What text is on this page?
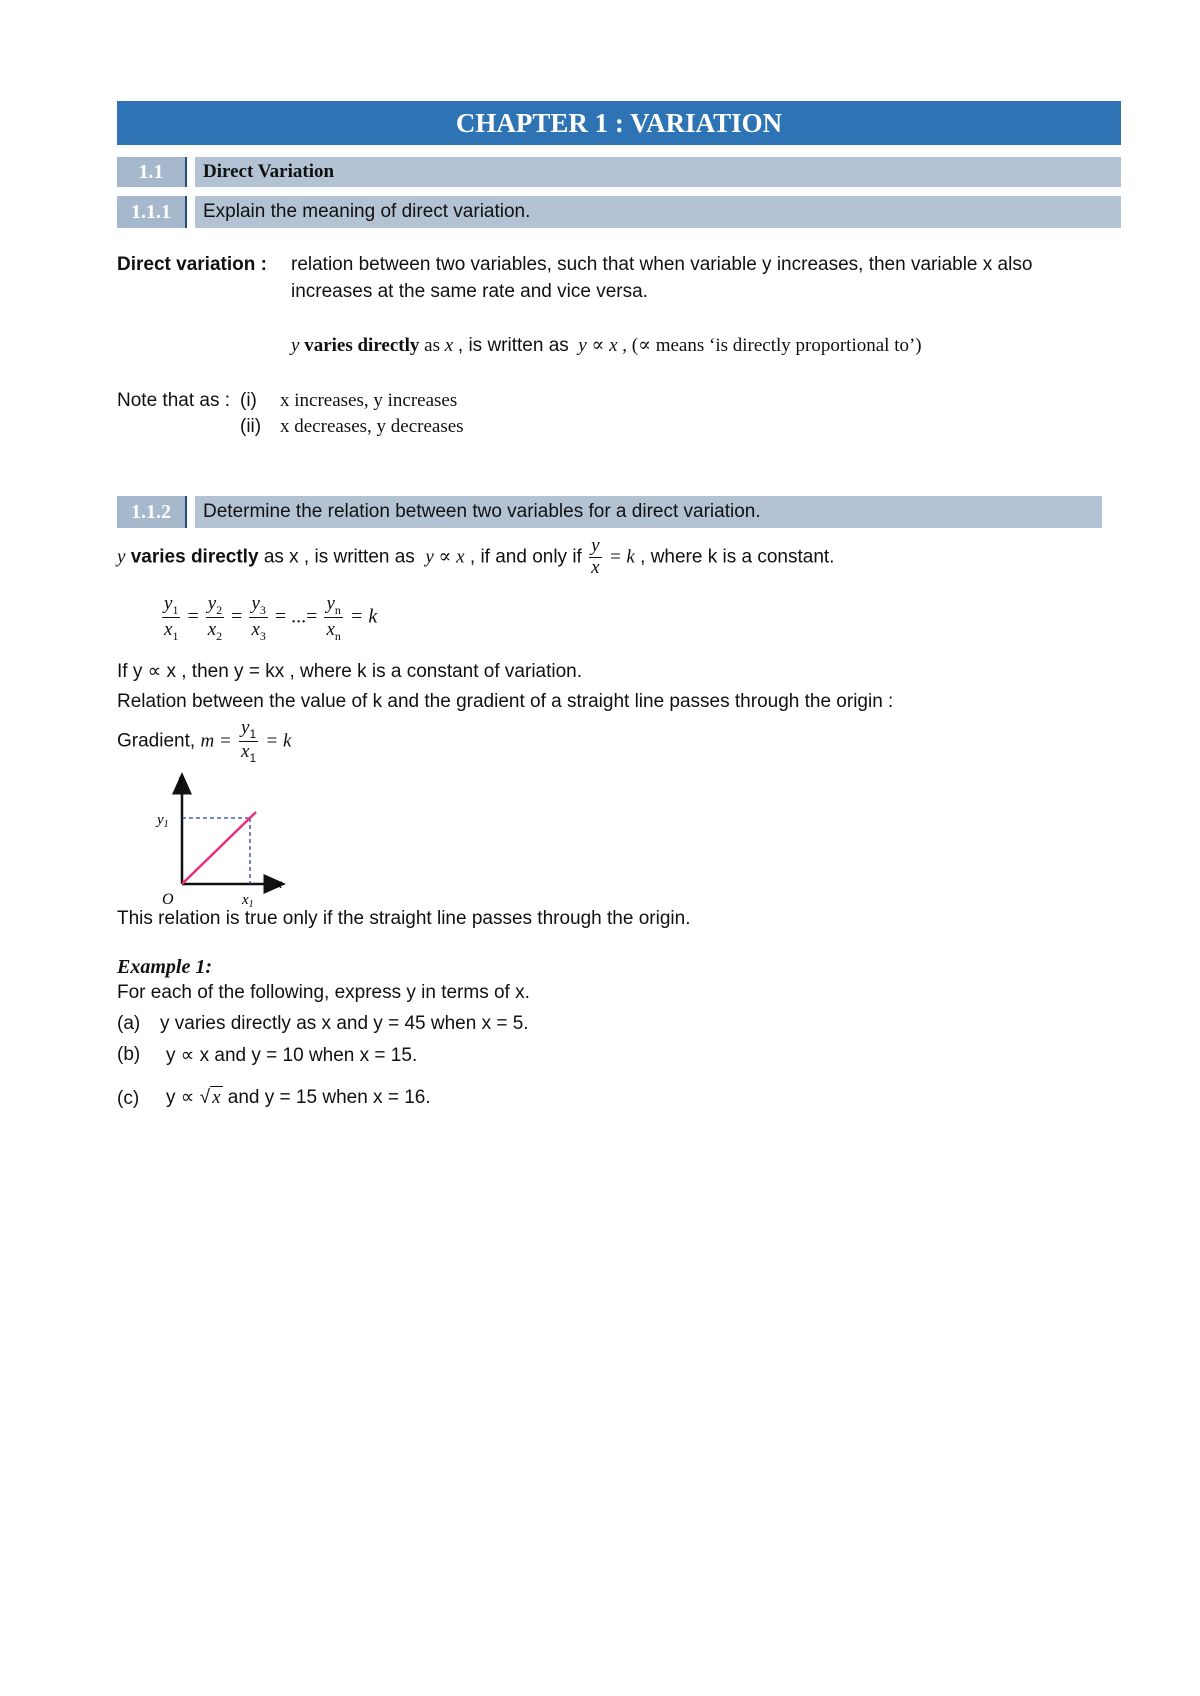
CHAPTER 1 : VARIATION
1.1	Direct Variation
1.1.1	Explain the meaning of direct variation.
Direct variation : relation between two variables, such that when variable y increases, then variable x also
increases at the same rate and vice versa.
y varies directly as x , is written as y ∝ x , (∝ means ‘is directly proportional to’)
Note that as : (i) x increases, y increases
(ii) x decreases, y decreases
1.1.2	Determine the relation between two variables for a direct variation.
y varies directly as x , is written as y ∝ x , if and only if $\frac{y}{x} = k$ , where k is a constant.
$\frac{y_1}{x_1} = \frac{y_2}{x_2} = \frac{y_3}{x_3}$ = ...= $\frac{y_n}{x_n} = k$
If y ∝ x , then y = kx , where k is a constant of variation.
Relation between the value of k and the gradient of a straight line passes through the origin :
Gradient, $m = \frac{y_1}{x_1} = k$
y
x
O
$y_1$
$x_1$
This relation is true only if the straight line passes through the origin.
Example 1:
For each of the following, express y in terms of x.
(a) y varies directly as x and y = 45 when x = 5.
(b) y ∝ x and y = 10 when x = 15.
(c) y ∝ √ x and y = 15 when x = 16.
